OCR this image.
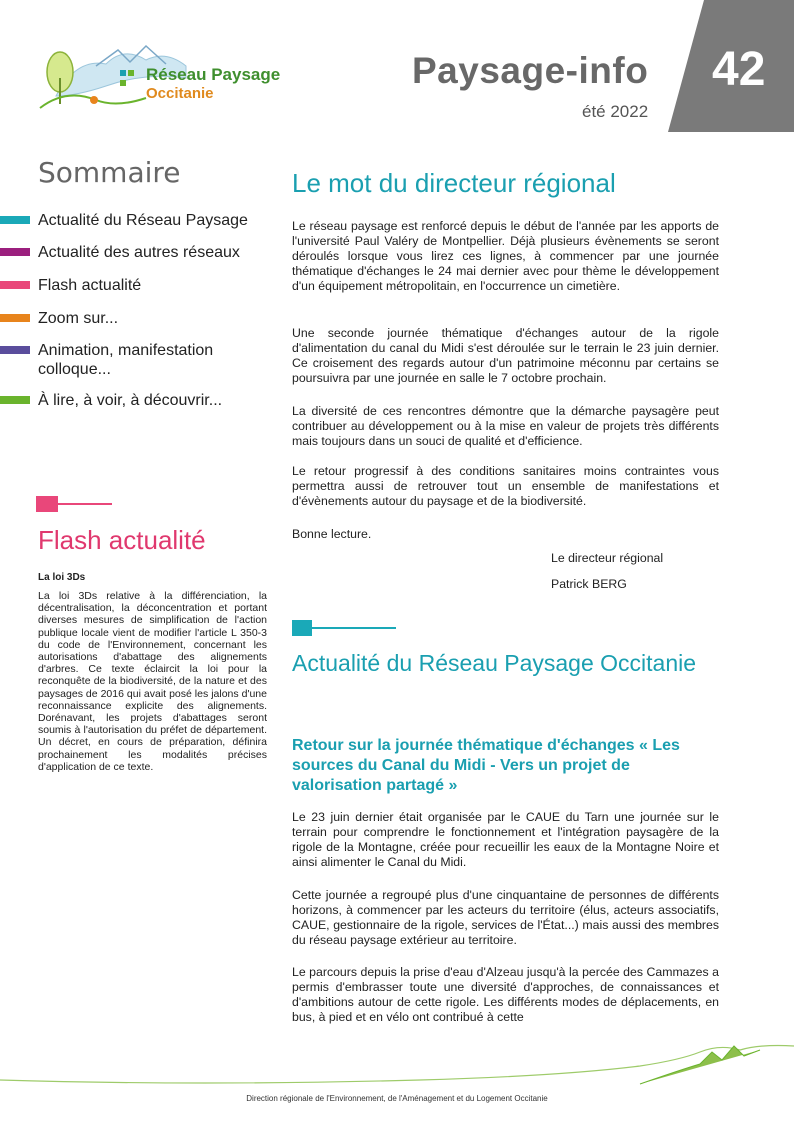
Réseau Paysage
Occitanie
Paysage-info
été 2022
42
Sommaire
Actualité du Réseau Paysage
Actualité des autres réseaux
Flash actualité
Zoom sur...
Animation, manifestation colloque...
À lire, à voir, à découvrir...
Flash actualité
La loi 3Ds
La loi 3Ds relative à la différenciation, la décentralisation, la déconcentration et portant diverses mesures de simplification de l'action publique locale vient de modifier l'article L 350-3 du code de l'Environnement, concernant les autorisations d'abattage des alignements d'arbres. Ce texte éclaircit la loi pour la reconquête de la biodiversité, de la nature et des paysages de 2016 qui avait posé les jalons d'une reconnaissance explicite des alignements. Dorénavant, les projets d'abattages seront soumis à l'autorisation du préfet de département. Un décret, en cours de préparation, définira prochainement les modalités précises d'application de ce texte.
Le mot du directeur régional
Le réseau paysage est renforcé depuis le début de l'année par les apports de l'université Paul Valéry de Montpellier. Déjà plusieurs évènements se seront déroulés lorsque vous lirez ces lignes, à commencer par une journée thématique d'échanges le 24 mai dernier avec pour thème le développement d'un équipement métropolitain, en l'occurrence un cimetière.
Une seconde journée thématique d'échanges autour de la rigole d'alimentation du canal du Midi s'est déroulée sur le terrain le 23 juin dernier. Ce croisement des regards autour d'un patrimoine méconnu par certains se poursuivra par une journée en salle le 7 octobre prochain.
La diversité de ces rencontres démontre que la démarche paysagère peut contribuer au développement ou à la mise en valeur de projets très différents mais toujours dans un souci de qualité et d'efficience.
Le retour progressif à des conditions sanitaires moins contraintes vous permettra aussi de retrouver tout un ensemble de manifestations et d'évènements autour du paysage et de la biodiversité.
Bonne lecture.
Le directeur régional
Patrick BERG
Actualité du Réseau Paysage Occitanie
Retour sur la journée thématique d'échanges « Les sources du Canal du Midi - Vers un projet de valorisation partagé »
Le 23 juin dernier était organisée par le CAUE du Tarn une journée sur le terrain pour comprendre le fonctionnement et l'intégration paysagère de la rigole de la Montagne, créée pour recueillir les eaux de la Montagne Noire et ainsi alimenter le Canal du Midi.
Cette journée a regroupé plus d'une cinquantaine de personnes de différents horizons, à commencer par les acteurs du territoire (élus, acteurs associatifs, CAUE, gestionnaire de la rigole, services de l'État...) mais aussi des membres du réseau paysage extérieur au territoire.
Le parcours depuis la prise d'eau d'Alzeau jusqu'à la percée des Cammazes a permis d'embrasser toute une diversité d'approches, de connaissances et d'ambitions autour de cette rigole. Les différents modes de déplacements, en bus, à pied et en vélo ont contribué à cette
Direction régionale de l'Environnement, de l'Aménagement et du Logement Occitanie
